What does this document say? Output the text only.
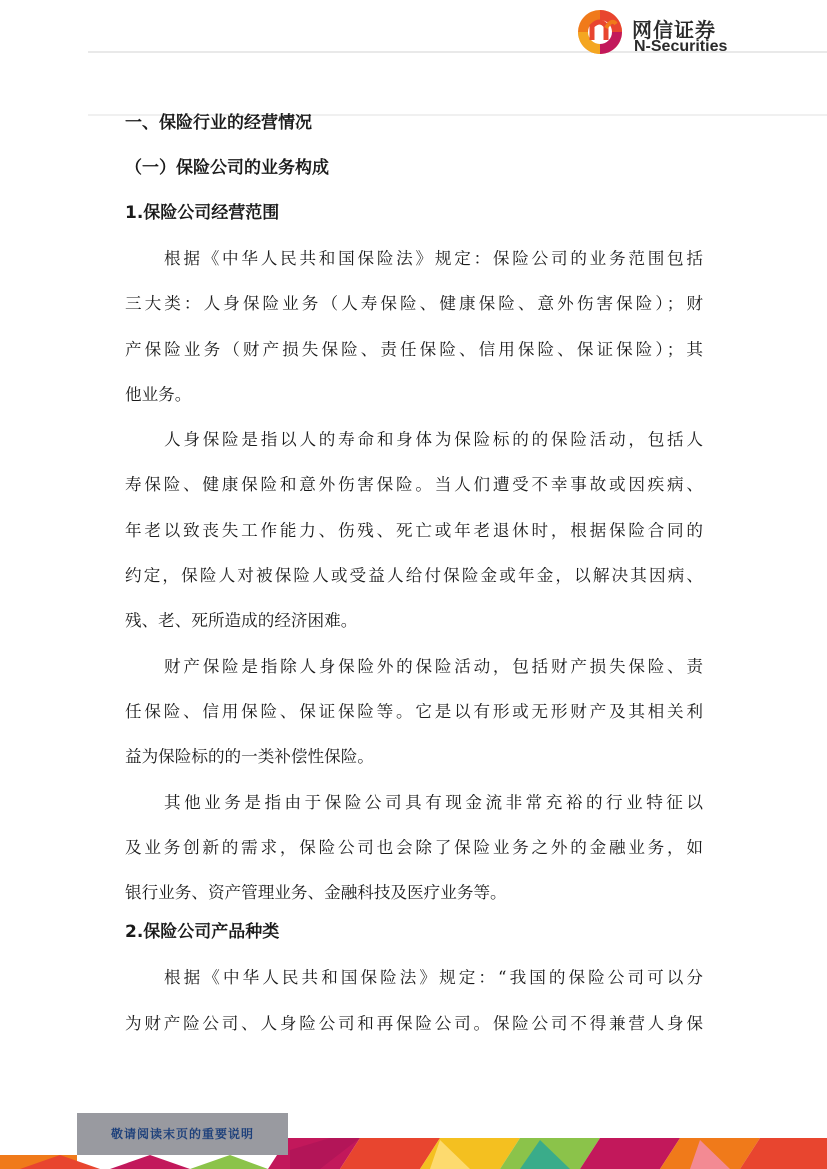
网信证券
N-Securities
一、保险行业的经营情况
（一）保险公司的业务构成
1.保险公司经营范围
根据《中华人民共和国保险法》规定：保险公司的业务范围包括
三大类：人身保险业务（人寿保险、健康保险、意外伤害保险）；财
产保险业务（财产损失保险、责任保险、信用保险、保证保险）；其
他业务。
人身保险是指以人的寿命和身体为保险标的的保险活动，包括人
寿保险、健康保险和意外伤害保险。当人们遭受不幸事故或因疾病、
年老以致丧失工作能力、伤残、死亡或年老退休时，根据保险合同的
约定，保险人对被保险人或受益人给付保险金或年金，以解决其因病、
残、老、死所造成的经济困难。
财产保险是指除人身保险外的保险活动，包括财产损失保险、责
任保险、信用保险、保证保险等。它是以有形或无形财产及其相关利
益为保险标的的一类补偿性保险。
其他业务是指由于保险公司具有现金流非常充裕的行业特征以
及业务创新的需求，保险公司也会除了保险业务之外的金融业务，如
银行业务、资产管理业务、金融科技及医疗业务等。
2.保险公司产品种类
根据《中华人民共和国保险法》规定：“我国的保险公司可以分
为财产险公司、人身险公司和再保险公司。保险公司不得兼营人身保
敬请阅读末页的重要说明
